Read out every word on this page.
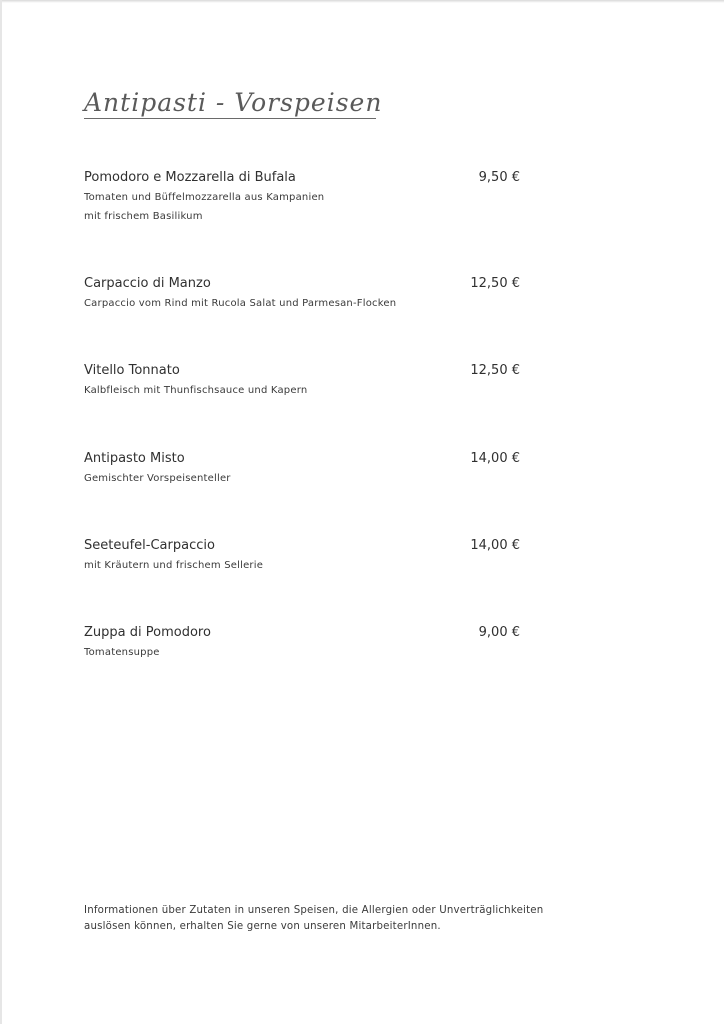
Antipasti - Vorspeisen
Pomodoro e Mozzarella di Bufala	9,50 €
Tomaten und Büffelmozzarella aus Kampanien
mit frischem Basilikum
Carpaccio di Manzo	12,50 €
Carpaccio vom Rind mit Rucola Salat und Parmesan-Flocken
Vitello Tonnato	12,50 €
Kalbfleisch mit Thunfischsauce und Kapern
Antipasto Misto	14,00 €
Gemischter Vorspeisenteller
Seeteufel-Carpaccio	14,00 €
mit Kräutern und frischem Sellerie
Zuppa di Pomodoro	9,00 €
Tomatensuppe
Informationen über Zutaten in unseren Speisen, die Allergien oder Unverträglichkeiten
auslösen können, erhalten Sie gerne von unseren MitarbeiterInnen.
